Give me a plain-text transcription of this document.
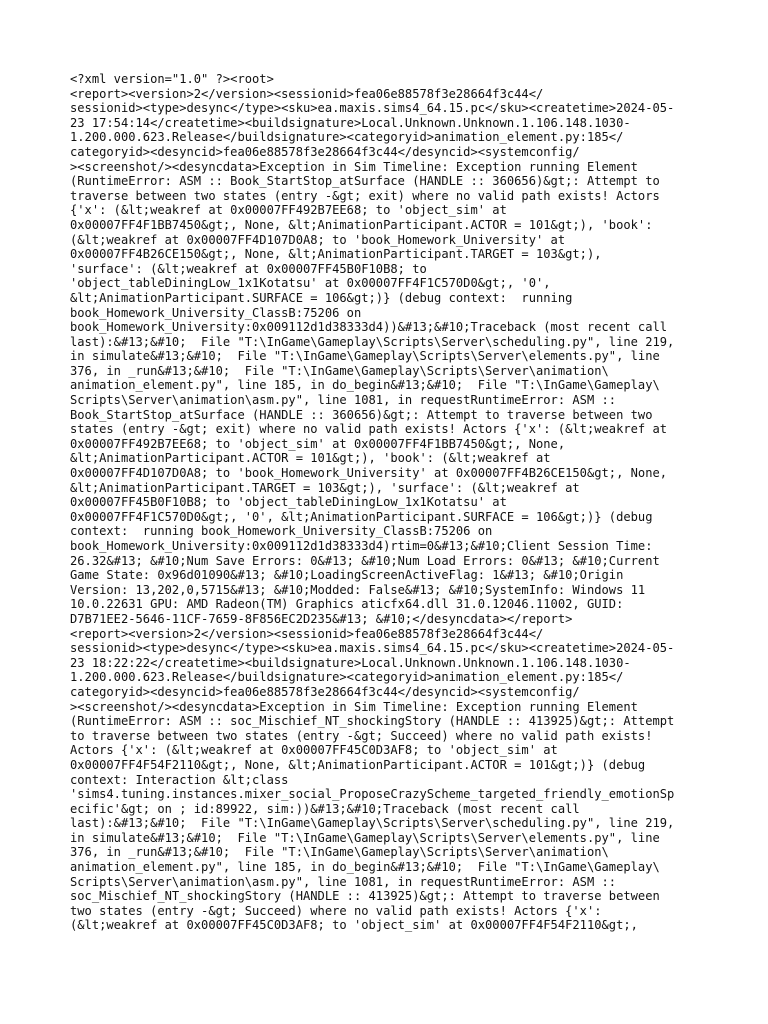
<?xml version="1.0" ?><root>
<report><version>2</version><sessionid>fea06e88578f3e28664f3c44</
sessionid><type>desync</type><sku>ea.maxis.sims4_64.15.pc</sku><createtime>2024-05-
23 17:54:14</createtime><buildsignature>Local.Unknown.Unknown.1.106.148.1030-
1.200.000.623.Release</buildsignature><categoryid>animation_element.py:185</
categoryid><desyncid>fea06e88578f3e28664f3c44</desyncid><systemconfig/
><screenshot/><desyncdata>Exception in Sim Timeline: Exception running Element
(RuntimeError: ASM :: Book_StartStop_atSurface (HANDLE :: 360656)&gt;: Attempt to
traverse between two states (entry -&gt; exit) where no valid path exists! Actors
{'x': (&lt;weakref at 0x00007FF492B7EE68; to 'object_sim' at
0x00007FF4F1BB7450&gt;, None, &lt;AnimationParticipant.ACTOR = 101&gt;), 'book':
(&lt;weakref at 0x00007FF4D107D0A8; to 'book_Homework_University' at
0x00007FF4B26CE150&gt;, None, &lt;AnimationParticipant.TARGET = 103&gt;),
'surface': (&lt;weakref at 0x00007FF45B0F10B8; to
'object_tableDiningLow_1x1Kotatsu' at 0x00007FF4F1C570D0&gt;, '0',
&lt;AnimationParticipant.SURFACE = 106&gt;)} (debug context:  running
book_Homework_University_ClassB:75206 on
book_Homework_University:0x009112d1d38333d4))&#13;&#10;Traceback (most recent call
last):&#13;&#10;  File "T:\InGame\Gameplay\Scripts\Server\scheduling.py", line 219,
in simulate&#13;&#10;  File "T:\InGame\Gameplay\Scripts\Server\elements.py", line
376, in _run&#13;&#10;  File "T:\InGame\Gameplay\Scripts\Server\animation\
animation_element.py", line 185, in do_begin&#13;&#10;  File "T:\InGame\Gameplay\
Scripts\Server\animation\asm.py", line 1081, in requestRuntimeError: ASM ::
Book_StartStop_atSurface (HANDLE :: 360656)&gt;: Attempt to traverse between two
states (entry -&gt; exit) where no valid path exists! Actors {'x': (&lt;weakref at
0x00007FF492B7EE68; to 'object_sim' at 0x00007FF4F1BB7450&gt;, None,
&lt;AnimationParticipant.ACTOR = 101&gt;), 'book': (&lt;weakref at
0x00007FF4D107D0A8; to 'book_Homework_University' at 0x00007FF4B26CE150&gt;, None,
&lt;AnimationParticipant.TARGET = 103&gt;), 'surface': (&lt;weakref at
0x00007FF45B0F10B8; to 'object_tableDiningLow_1x1Kotatsu' at
0x00007FF4F1C570D0&gt;, '0', &lt;AnimationParticipant.SURFACE = 106&gt;)} (debug
context:  running book_Homework_University_ClassB:75206 on
book_Homework_University:0x009112d1d38333d4)rtim=0&#13;&#10;Client Session Time:
26.32&#13; &#10;Num Save Errors: 0&#13; &#10;Num Load Errors: 0&#13; &#10;Current
Game State: 0x96d01090&#13; &#10;LoadingScreenActiveFlag: 1&#13; &#10;Origin
Version: 13,202,0,5715&#13; &#10;Modded: False&#13; &#10;SystemInfo: Windows 11
10.0.22631 GPU: AMD Radeon(TM) Graphics aticfx64.dll 31.0.12046.11002, GUID:
D7B71EE2-5646-11CF-7659-8F856EC2D235&#13; &#10;</desyncdata></report>
<report><version>2</version><sessionid>fea06e88578f3e28664f3c44</
sessionid><type>desync</type><sku>ea.maxis.sims4_64.15.pc</sku><createtime>2024-05-
23 18:22:22</createtime><buildsignature>Local.Unknown.Unknown.1.106.148.1030-
1.200.000.623.Release</buildsignature><categoryid>animation_element.py:185</
categoryid><desyncid>fea06e88578f3e28664f3c44</desyncid><systemconfig/
><screenshot/><desyncdata>Exception in Sim Timeline: Exception running Element
(RuntimeError: ASM :: soc_Mischief_NT_shockingStory (HANDLE :: 413925)&gt;: Attempt
to traverse between two states (entry -&gt; Succeed) where no valid path exists!
Actors {'x': (&lt;weakref at 0x00007FF45C0D3AF8; to 'object_sim' at
0x00007FF4F54F2110&gt;, None, &lt;AnimationParticipant.ACTOR = 101&gt;)} (debug
context: Interaction &lt;class
'sims4.tuning.instances.mixer_social_ProposeCrazyScheme_targeted_friendly_emotionSp
ecific'&gt; on ; id:89922, sim:))&#13;&#10;Traceback (most recent call
last):&#13;&#10;  File "T:\InGame\Gameplay\Scripts\Server\scheduling.py", line 219,
in simulate&#13;&#10;  File "T:\InGame\Gameplay\Scripts\Server\elements.py", line
376, in _run&#13;&#10;  File "T:\InGame\Gameplay\Scripts\Server\animation\
animation_element.py", line 185, in do_begin&#13;&#10;  File "T:\InGame\Gameplay\
Scripts\Server\animation\asm.py", line 1081, in requestRuntimeError: ASM ::
soc_Mischief_NT_shockingStory (HANDLE :: 413925)&gt;: Attempt to traverse between
two states (entry -&gt; Succeed) where no valid path exists! Actors {'x':
(&lt;weakref at 0x00007FF45C0D3AF8; to 'object_sim' at 0x00007FF4F54F2110&gt;,
